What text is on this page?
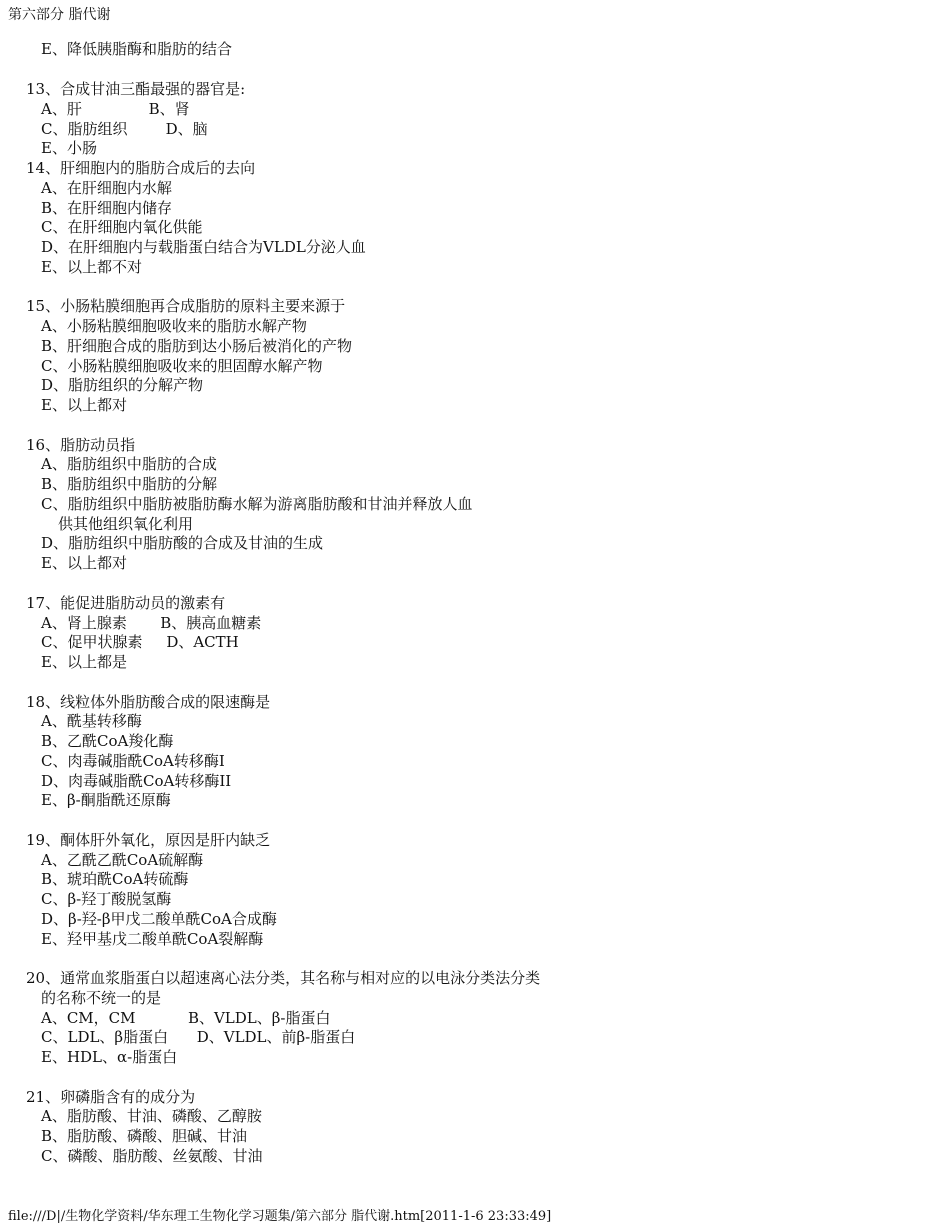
第六部分 脂代谢
E、降低胰脂酶和脂肪的结合
13、合成甘油三酯最强的器官是:
A、肝              B、肾
C、脂肪组织        D、脑
E、小肠
14、肝细胞内的脂肪合成后的去向
A、在肝细胞内水解
B、在肝细胞内储存
C、在肝细胞内氧化供能
D、在肝细胞内与载脂蛋白结合为VLDL分泌人血
E、以上都不对
15、小肠粘膜细胞再合成脂肪的原料主要来源于
A、小肠粘膜细胞吸收来的脂肪水解产物
B、肝细胞合成的脂肪到达小肠后被消化的产物
C、小肠粘膜细胞吸收来的胆固醇水解产物
D、脂肪组织的分解产物
E、以上都对
16、脂肪动员指
A、脂肪组织中脂肪的合成
B、脂肪组织中脂肪的分解
C、脂肪组织中脂肪被脂肪酶水解为游离脂肪酸和甘油并释放人血
供其他组织氧化利用
D、脂肪组织中脂肪酸的合成及甘油的生成
E、以上都对
17、能促进脂肪动员的激素有
A、肾上腺素       B、胰高血糖素
C、促甲状腺素     D、ACTH
E、以上都是
18、线粒体外脂肪酸合成的限速酶是
A、酰基转移酶
B、乙酰CoA羧化酶
C、肉毒碱脂酰CoA转移酶I
D、肉毒碱脂酰CoA转移酶II
E、β-酮脂酰还原酶
19、酮体肝外氧化，原因是肝内缺乏
A、乙酰乙酰CoA硫解酶
B、琥珀酰CoA转硫酶
C、β-羟丁酸脱氢酶
D、β-羟-β甲戊二酸单酰CoA合成酶
E、羟甲基戊二酸单酰CoA裂解酶
20、通常血浆脂蛋白以超速离心法分类，其名称与相对应的以电泳分类法分类
的名称不统一的是
A、CM，CM           B、VLDL、β-脂蛋白
C、LDL、β脂蛋白      D、VLDL、前β-脂蛋白
E、HDL、α-脂蛋白
21、卵磷脂含有的成分为
A、脂肪酸、甘油、磷酸、乙醇胺
B、脂肪酸、磷酸、胆碱、甘油
C、磷酸、脂肪酸、丝氨酸、甘油
file:///D|/生物化学资料/华东理工生物化学习题集/第六部分 脂代谢.htm[2011-1-6 23:33:49]
